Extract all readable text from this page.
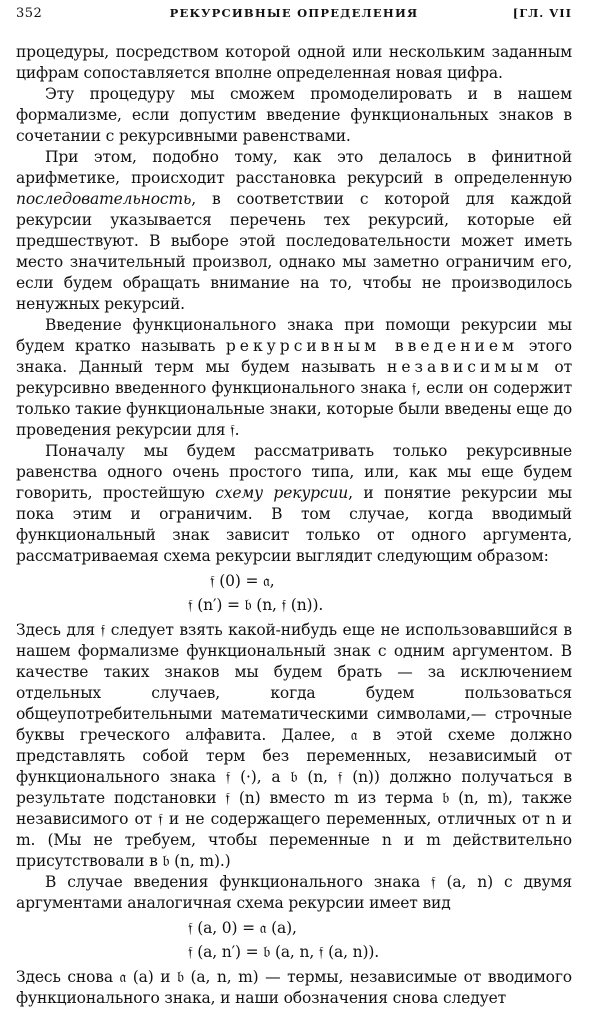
352	РЕКУРСИВНЫЕ ОПРЕДЕЛЕНИЯ	[ГЛ. VII

процедуры, посредством которой одной или нескольким заданным цифрам сопоставляется вполне определенная новая цифра.

Эту процедуру мы сможем промоделировать и в нашем формализме, если допустим введение функциональных знаков в сочетании с рекурсивными равенствами.

При этом, подобно тому, как это делалось в финитной арифметике, происходит расстановка рекурсий в определенную последовательность, в соответствии с которой для каждой рекурсии указывается перечень тех рекурсий, которые ей предшествуют. В выборе этой последовательности может иметь место значительный произвол, однако мы заметно ограничим его, если будем обращать внимание на то, чтобы не производилось ненужных рекурсий.

Введение функционального знака при помощи рекурсии мы будем кратко называть рекурсивным введением этого знака. Данный терм мы будем называть независимым от рекурсивно введенного функционального знака 𝔣, если он содержит только такие функциональные знаки, которые были введены еще до проведения рекурсии для 𝔣.

Поначалу мы будем рассматривать только рекурсивные равенства одного очень простого типа, или, как мы еще будем говорить, простейшую схему рекурсии, и понятие рекурсии мы пока этим и ограничим. В том случае, когда вводимый функциональный знак зависит только от одного аргумента, рассматриваемая схема рекурсии выглядит следующим образом:

𝔣 (0) = 𝔞,
𝔣 (n′) = 𝔟 (n, 𝔣 (n)).

Здесь для 𝔣 следует взять какой-нибудь еще не использовавшийся в нашем формализме функциональный знак с одним аргументом. В качестве таких знаков мы будем брать — за исключением отдельных случаев, когда будем пользоваться общеупотребительными математическими символами,— строчные буквы греческого алфавита. Далее, 𝔞 в этой схеме должно представлять собой терм без переменных, независимый от функционального знака 𝔣 (·), а 𝔟 (n, 𝔣 (n)) должно получаться в результате подстановки 𝔣 (n) вместо m из терма 𝔟 (n, m), также независимого от 𝔣 и не содержащего переменных, отличных от n и m. (Мы не требуем, чтобы переменные n и m действительно присутствовали в 𝔟 (n, m).)

В случае введения функционального знака 𝔣 (a, n) с двумя аргументами аналогичная схема рекурсии имеет вид

𝔣 (a, 0) = 𝔞 (a),
𝔣 (a, n′) = 𝔟 (a, n, 𝔣 (a, n)).

Здесь снова 𝔞 (a) и 𝔟 (a, n, m) — термы, независимые от вводимого функционального знака, и наши обозначения снова следует
